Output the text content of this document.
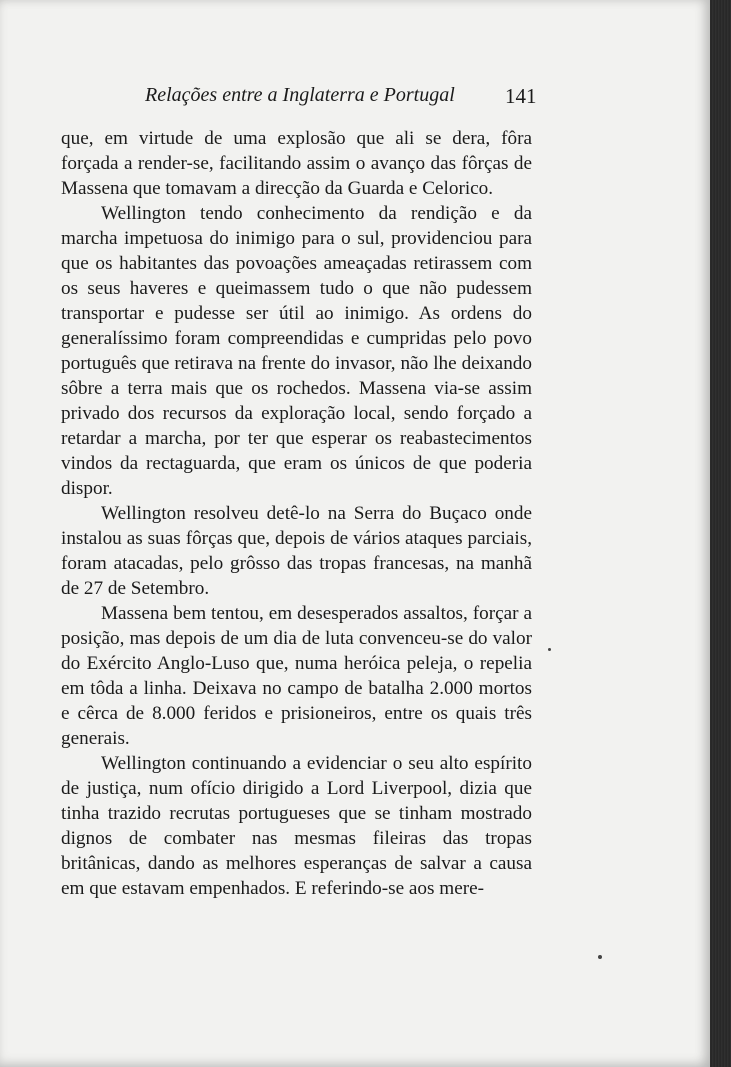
Relações entre a Inglaterra e Portugal 141

que, em virtude de uma explosão que ali se dera, fôra forçada a render-se, facilitando assim o avanço das fôrças de Massena que tomavam a direcção da Guarda e Celorico.

Wellington tendo conhecimento da rendição e da marcha impetuosa do inimigo para o sul, providenciou para que os habitantes das povoações ameaçadas retirassem com os seus haveres e queimassem tudo o que não pudessem transportar e pudesse ser útil ao inimigo. As ordens do generalíssimo foram compreendidas e cumpridas pelo povo português que retirava na frente do invasor, não lhe deixando sôbre a terra mais que os rochedos. Massena via-se assim privado dos recursos da exploração local, sendo forçado a retardar a marcha, por ter que esperar os reabastecimentos vindos da rectaguarda, que eram os únicos de que poderia dispor.

Wellington resolveu detê-lo na Serra do Buçaco onde instalou as suas fôrças que, depois de vários ataques parciais, foram atacadas, pelo grôsso das tropas francesas, na manhã de 27 de Setembro.

Massena bem tentou, em desesperados assaltos, forçar a posição, mas depois de um dia de luta convenceu-se do valor do Exército Anglo-Luso que, numa heróica peleja, o repelia em tôda a linha. Deixava no campo de batalha 2.000 mortos e cêrca de 8.000 feridos e prisioneiros, entre os quais três generais.

Wellington continuando a evidenciar o seu alto espírito de justiça, num ofício dirigido a Lord Liverpool, dizia que tinha trazido recrutas portugueses que se tinham mostrado dignos de combater nas mesmas fileiras das tropas britânicas, dando as melhores esperanças de salvar a causa em que estavam empenhados. E referindo-se aos mere-
